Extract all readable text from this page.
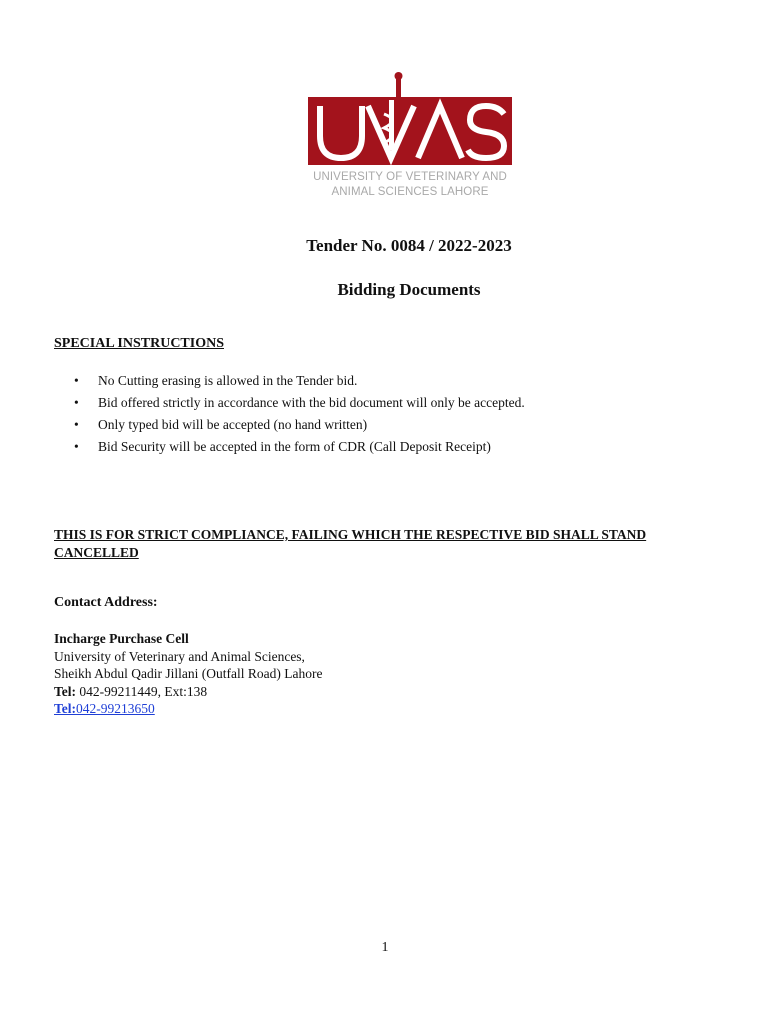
UNIVERSITY OF VETERINARY AND
ANIMAL SCIENCES LAHORE
Tender No. 0084 / 2022-2023
Bidding Documents
SPECIAL INSTRUCTIONS
• No Cutting erasing is allowed in the Tender bid.
• Bid offered strictly in accordance with the bid document will only be accepted.
• Only typed bid will be accepted (no hand written)
• Bid Security will be accepted in the form of CDR (Call Deposit Receipt)
THIS IS FOR STRICT COMPLIANCE, FAILING WHICH THE RESPECTIVE BID SHALL STAND CANCELLED
Contact Address:
Incharge Purchase Cell
University of Veterinary and Animal Sciences,
Sheikh Abdul Qadir Jillani (Outfall Road) Lahore
Tel: 042-99211449, Ext:138
Tel:042-99213650
1
